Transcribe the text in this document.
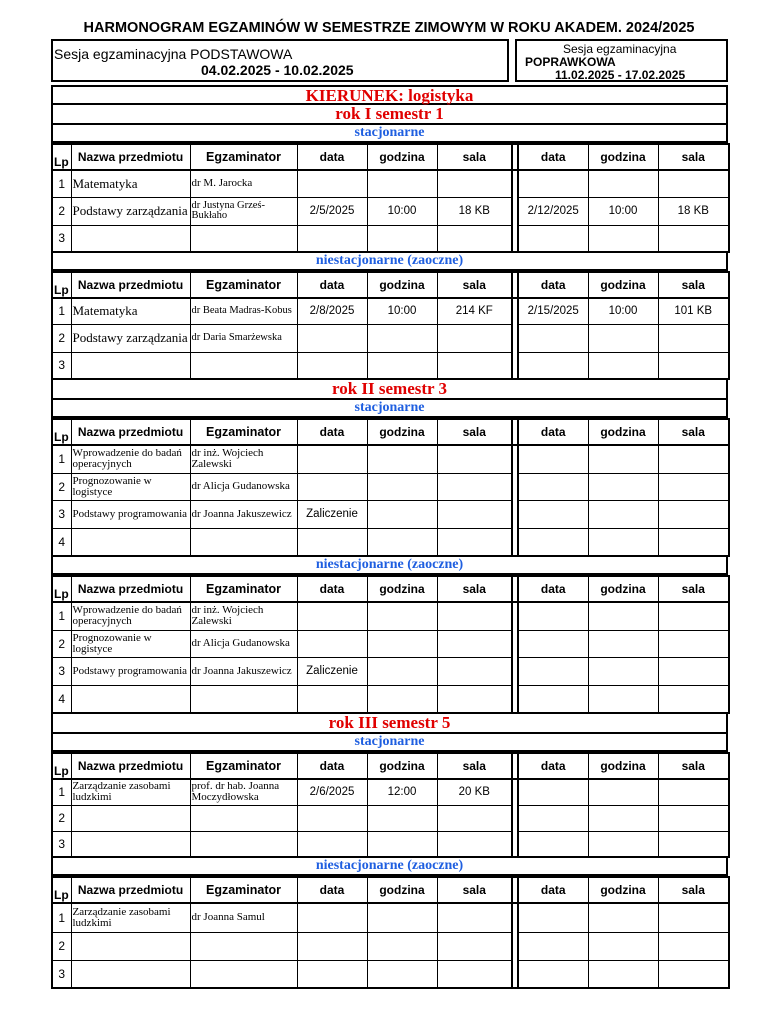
HARMONOGRAM EGZAMINÓW W SEMESTRZE ZIMOWYM W ROKU AKADEM. 2024/2025
Sesja egzaminacyjna PODSTAWOWA
04.02.2025 - 10.02.2025
Sesja egzaminacyjna
POPRAWKOWA
11.02.2025 - 17.02.2025
KIERUNEK: logistyka
rok I semestr 1
stacjonarne
Lp	Nazwa przedmiotu	Egzaminator	data	godzina	sala		data	godzina	sala
1	Matematyka	dr M. Jarocka							
2	Podstawy zarządzania	dr Justyna Grześ-Bukłaho	2/5/2025	10:00	18 KB		2/12/2025	10:00	18 KB
3									
niestacjonarne (zaoczne)
Lp	Nazwa przedmiotu	Egzaminator	data	godzina	sala		data	godzina	sala
1	Matematyka	dr Beata Madras-Kobus	2/8/2025	10:00	214 KF		2/15/2025	10:00	101 KB
2	Podstawy zarządzania	dr Daria Smarżewska							
3									
rok II semestr 3
stacjonarne
Lp	Nazwa przedmiotu	Egzaminator	data	godzina	sala		data	godzina	sala
1	Wprowadzenie do badań operacyjnych	dr inż. Wojciech Zalewski							
2	Prognozowanie w logistyce	dr Alicja Gudanowska							
3	Podstawy programowania	dr Joanna Jakuszewicz	Zaliczenie						
4									
niestacjonarne (zaoczne)
Lp	Nazwa przedmiotu	Egzaminator	data	godzina	sala		data	godzina	sala
1	Wprowadzenie do badań operacyjnych	dr inż. Wojciech Zalewski							
2	Prognozowanie w logistyce	dr Alicja Gudanowska							
3	Podstawy programowania	dr Joanna Jakuszewicz	Zaliczenie						
4									
rok III semestr 5
stacjonarne
Lp	Nazwa przedmiotu	Egzaminator	data	godzina	sala		data	godzina	sala
1	Zarządzanie zasobami ludzkimi	prof. dr hab. Joanna Moczydłowska	2/6/2025	12:00	20 KB				
2									
3									
niestacjonarne (zaoczne)
Lp	Nazwa przedmiotu	Egzaminator	data	godzina	sala		data	godzina	sala
1	Zarządzanie zasobami ludzkimi	dr Joanna Samul							
2									
3									
